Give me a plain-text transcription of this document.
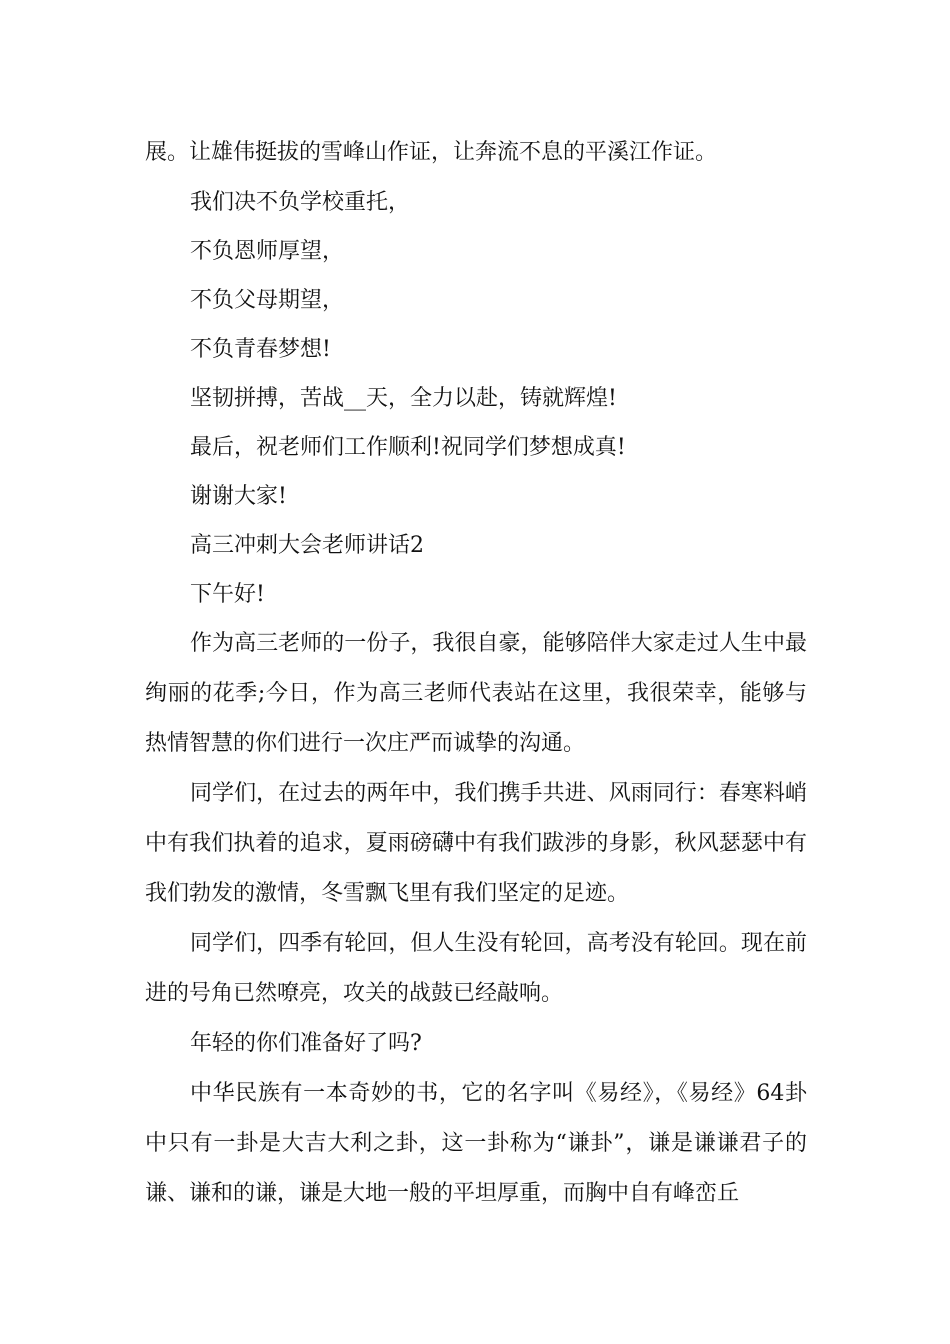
展。让雄伟挺拔的雪峰山作证，让奔流不息的平溪江作证。

我们决不负学校重托，

不负恩师厚望，

不负父母期望，

不负青春梦想!

坚韧拼搏，苦战__天，全力以赴，铸就辉煌!

最后，祝老师们工作顺利!祝同学们梦想成真!

谢谢大家!

高三冲刺大会老师讲话2

下午好!

作为高三老师的一份子，我很自豪，能够陪伴大家走过人生中最绚丽的花季;今日，作为高三老师代表站在这里，我很荣幸，能够与热情智慧的你们进行一次庄严而诚挚的沟通。

同学们，在过去的两年中，我们携手共进、风雨同行：春寒料峭中有我们执着的追求，夏雨磅礴中有我们跋涉的身影，秋风瑟瑟中有我们勃发的激情，冬雪飘飞里有我们坚定的足迹。

同学们，四季有轮回，但人生没有轮回，高考没有轮回。现在前进的号角已然嘹亮，攻关的战鼓已经敲响。

年轻的你们准备好了吗?

中华民族有一本奇妙的书，它的名字叫《易经》，《易经》64卦中只有一卦是大吉大利之卦，这一卦称为“谦卦”，谦是谦谦君子的谦、谦和的谦，谦是大地一般的平坦厚重，而胸中自有峰峦丘
